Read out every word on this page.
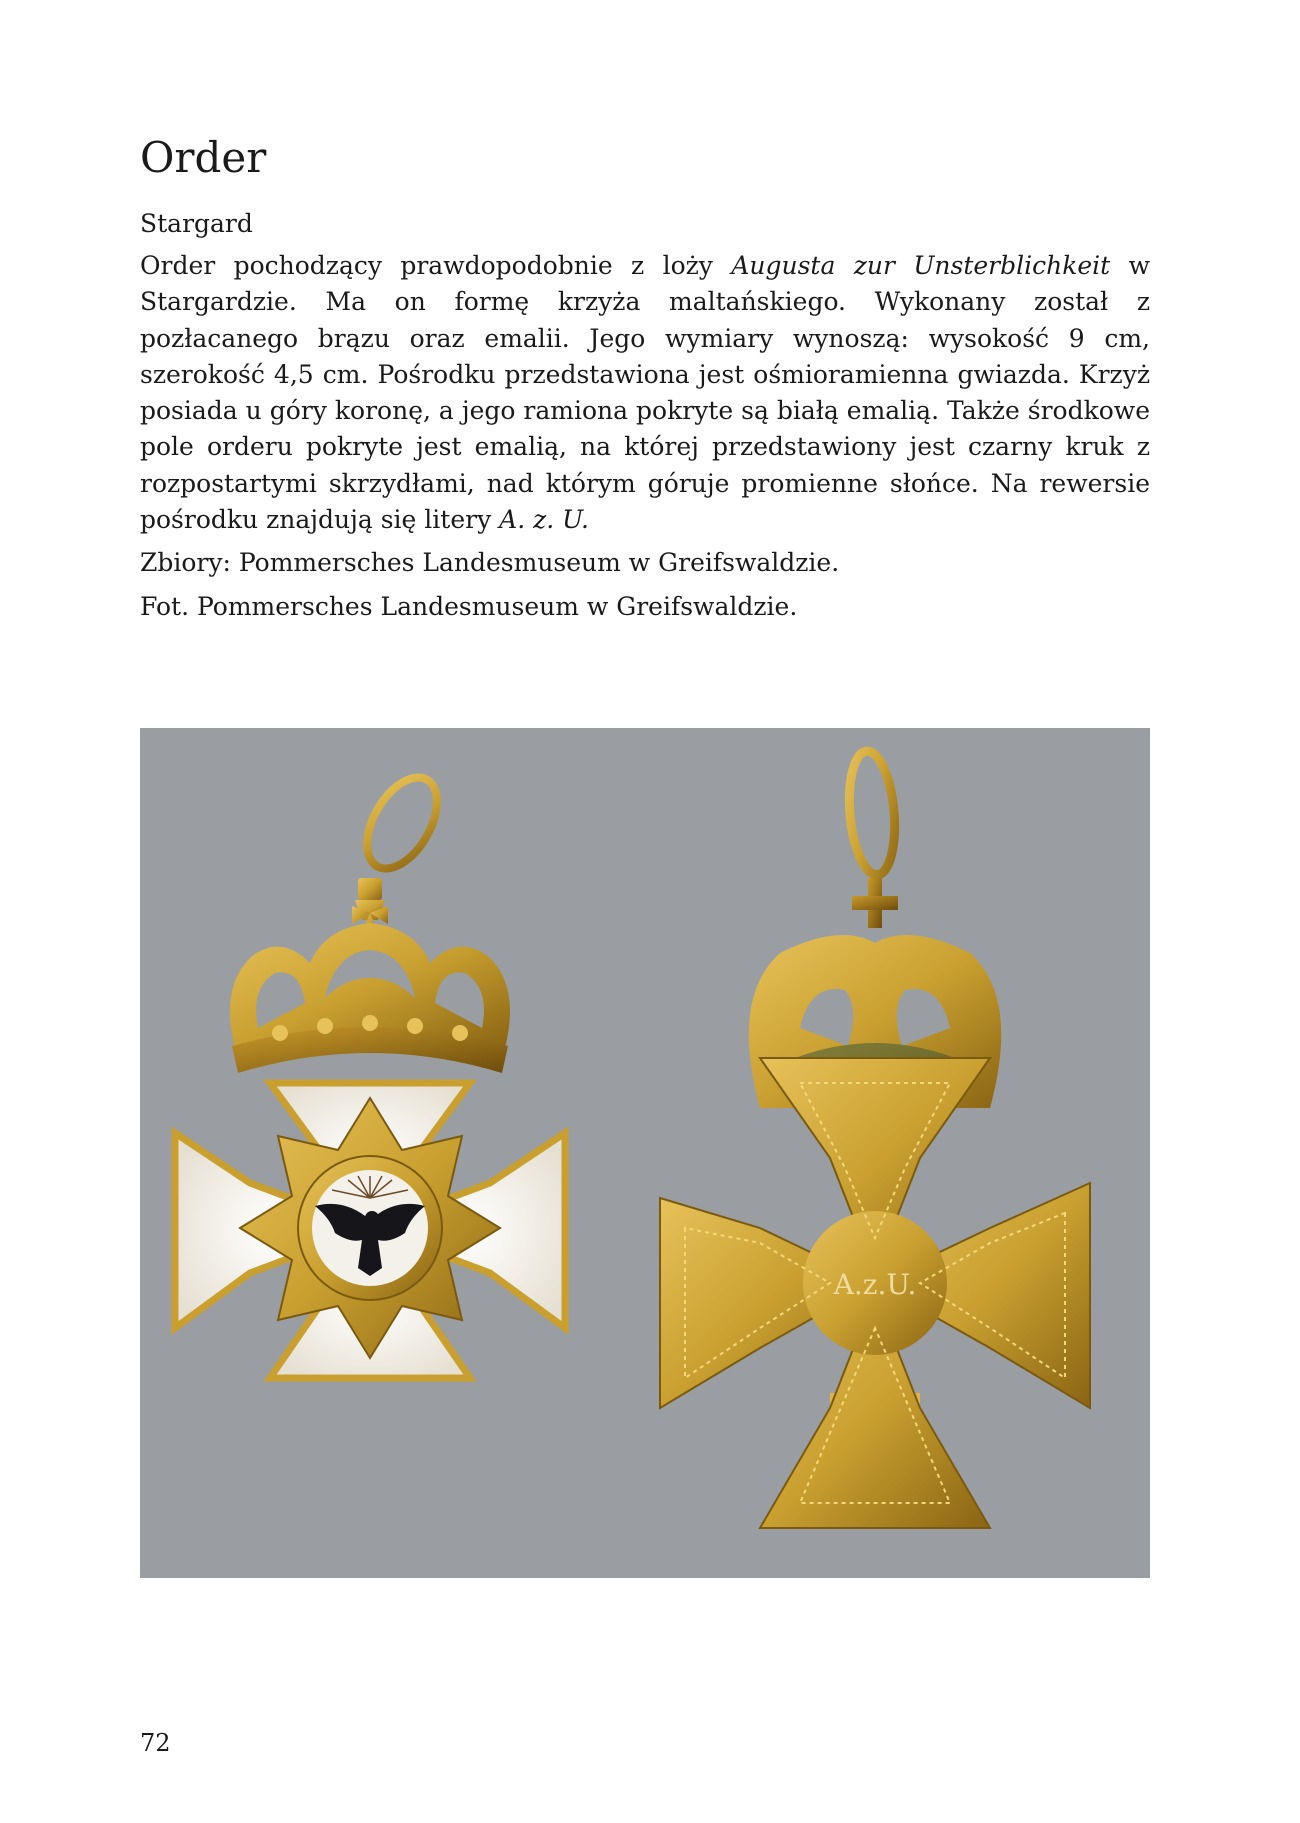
Order
Stargard

Order pochodzący prawdopodobnie z loży Augusta zur Unsterblichkeit w Stargardzie. Ma on formę krzyża maltańskiego. Wykonany został z pozłacanego brązu oraz emalii. Jego wymiary wynoszą: wysokość 9 cm, szerokość 4,5 cm. Pośrodku przedstawiona jest ośmioramienna gwiazda. Krzyż posiada u góry koronę, a jego ramiona pokryte są białą emalią. Także środkowe pole orderu pokryte jest emalią, na której przedstawiony jest czarny kruk z rozpostartymi skrzydłami, nad którym góruje promienne słońce. Na rewersie pośrodku znajdują się litery A. z. U.

Zbiory: Pommersches Landesmuseum w Greifswaldzie.
Fot. Pommersches Landesmuseum w Greifswaldzie.
A.z.U.
72
